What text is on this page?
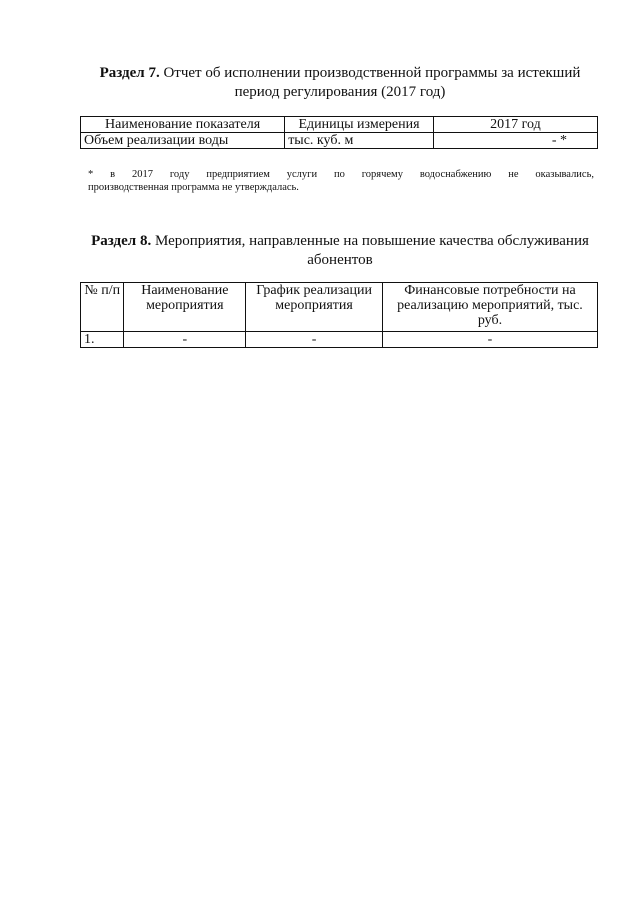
Раздел 7. Отчет об исполнении производственной программы за истекший период регулирования (2017 год)
Наименование показателя	Единицы измерения	2017 год
Объем реализации воды	тыс. куб. м	- *
* в 2017 году предприятием услуги по горячему водоснабжению не оказывались,
производственная программа не утверждалась.
Раздел 8. Мероприятия, направленные на повышение качества обслуживания абонентов
№ п/п	Наименование мероприятия	График реализации мероприятия	Финансовые потребности на реализацию мероприятий, тыс. руб.
1.	-	-	-
